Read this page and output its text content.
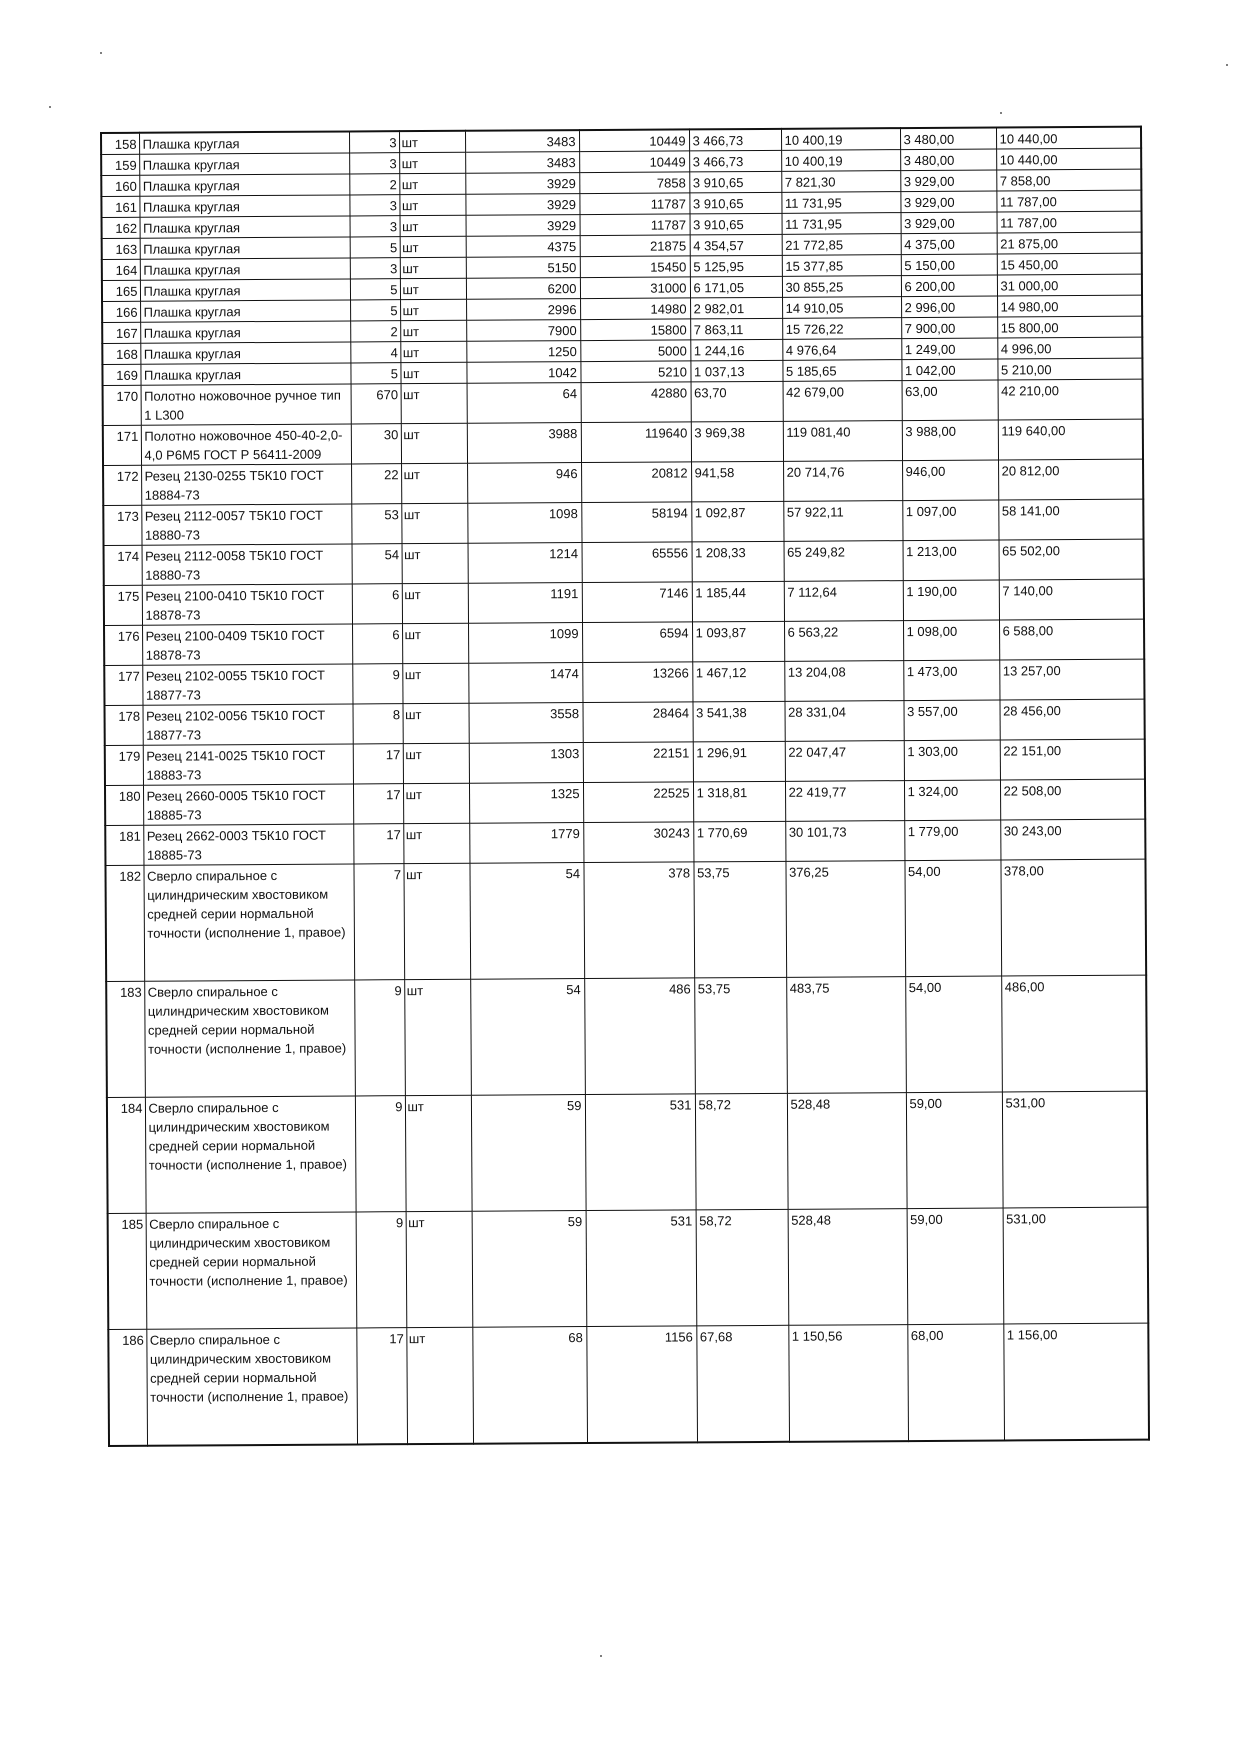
158	Плашка круглая	3	шт	3483	10449	3 466,73	10 400,19	3 480,00	10 440,00
159	Плашка круглая	3	шт	3483	10449	3 466,73	10 400,19	3 480,00	10 440,00
160	Плашка круглая	2	шт	3929	7858	3 910,65	7 821,30	3 929,00	7 858,00
161	Плашка круглая	3	шт	3929	11787	3 910,65	11 731,95	3 929,00	11 787,00
162	Плашка круглая	3	шт	3929	11787	3 910,65	11 731,95	3 929,00	11 787,00
163	Плашка круглая	5	шт	4375	21875	4 354,57	21 772,85	4 375,00	21 875,00
164	Плашка круглая	3	шт	5150	15450	5 125,95	15 377,85	5 150,00	15 450,00
165	Плашка круглая	5	шт	6200	31000	6 171,05	30 855,25	6 200,00	31 000,00
166	Плашка круглая	5	шт	2996	14980	2 982,01	14 910,05	2 996,00	14 980,00
167	Плашка круглая	2	шт	7900	15800	7 863,11	15 726,22	7 900,00	15 800,00
168	Плашка круглая	4	шт	1250	5000	1 244,16	4 976,64	1 249,00	4 996,00
169	Плашка круглая	5	шт	1042	5210	1 037,13	5 185,65	1 042,00	5 210,00
170	Полотно ножовочное ручное тип 1 L300	670	шт	64	42880	63,70	42 679,00	63,00	42 210,00
171	Полотно ножовочное 450-40-2,0-4,0 Р6М5 ГОСТ Р 56411-2009	30	шт	3988	119640	3 969,38	119 081,40	3 988,00	119 640,00
172	Резец 2130-0255 Т5К10 ГОСТ 18884-73	22	шт	946	20812	941,58	20 714,76	946,00	20 812,00
173	Резец 2112-0057 Т5К10 ГОСТ 18880-73	53	шт	1098	58194	1 092,87	57 922,11	1 097,00	58 141,00
174	Резец 2112-0058 Т5К10 ГОСТ 18880-73	54	шт	1214	65556	1 208,33	65 249,82	1 213,00	65 502,00
175	Резец 2100-0410 Т5К10 ГОСТ 18878-73	6	шт	1191	7146	1 185,44	7 112,64	1 190,00	7 140,00
176	Резец 2100-0409 Т5К10 ГОСТ 18878-73	6	шт	1099	6594	1 093,87	6 563,22	1 098,00	6 588,00
177	Резец 2102-0055 Т5К10 ГОСТ 18877-73	9	шт	1474	13266	1 467,12	13 204,08	1 473,00	13 257,00
178	Резец 2102-0056 Т5К10 ГОСТ 18877-73	8	шт	3558	28464	3 541,38	28 331,04	3 557,00	28 456,00
179	Резец 2141-0025 Т5К10 ГОСТ 18883-73	17	шт	1303	22151	1 296,91	22 047,47	1 303,00	22 151,00
180	Резец 2660-0005 Т5К10 ГОСТ 18885-73	17	шт	1325	22525	1 318,81	22 419,77	1 324,00	22 508,00
181	Резец 2662-0003 Т5К10 ГОСТ 18885-73	17	шт	1779	30243	1 770,69	30 101,73	1 779,00	30 243,00
182	Сверло спиральное с цилиндрическим хвостовиком средней серии нормальной точности (исполнение 1, правое)	7	шт	54	378	53,75	376,25	54,00	378,00
183	Сверло спиральное с цилиндрическим хвостовиком средней серии нормальной точности (исполнение 1, правое)	9	шт	54	486	53,75	483,75	54,00	486,00
184	Сверло спиральное с цилиндрическим хвостовиком средней серии нормальной точности (исполнение 1, правое)	9	шт	59	531	58,72	528,48	59,00	531,00
185	Сверло спиральное с цилиндрическим хвостовиком средней серии нормальной точности (исполнение 1, правое)	9	шт	59	531	58,72	528,48	59,00	531,00
186	Сверло спиральное с цилиндрическим хвостовиком средней серии нормальной точности (исполнение 1, правое)	17	шт	68	1156	67,68	1 150,56	68,00	1 156,00
